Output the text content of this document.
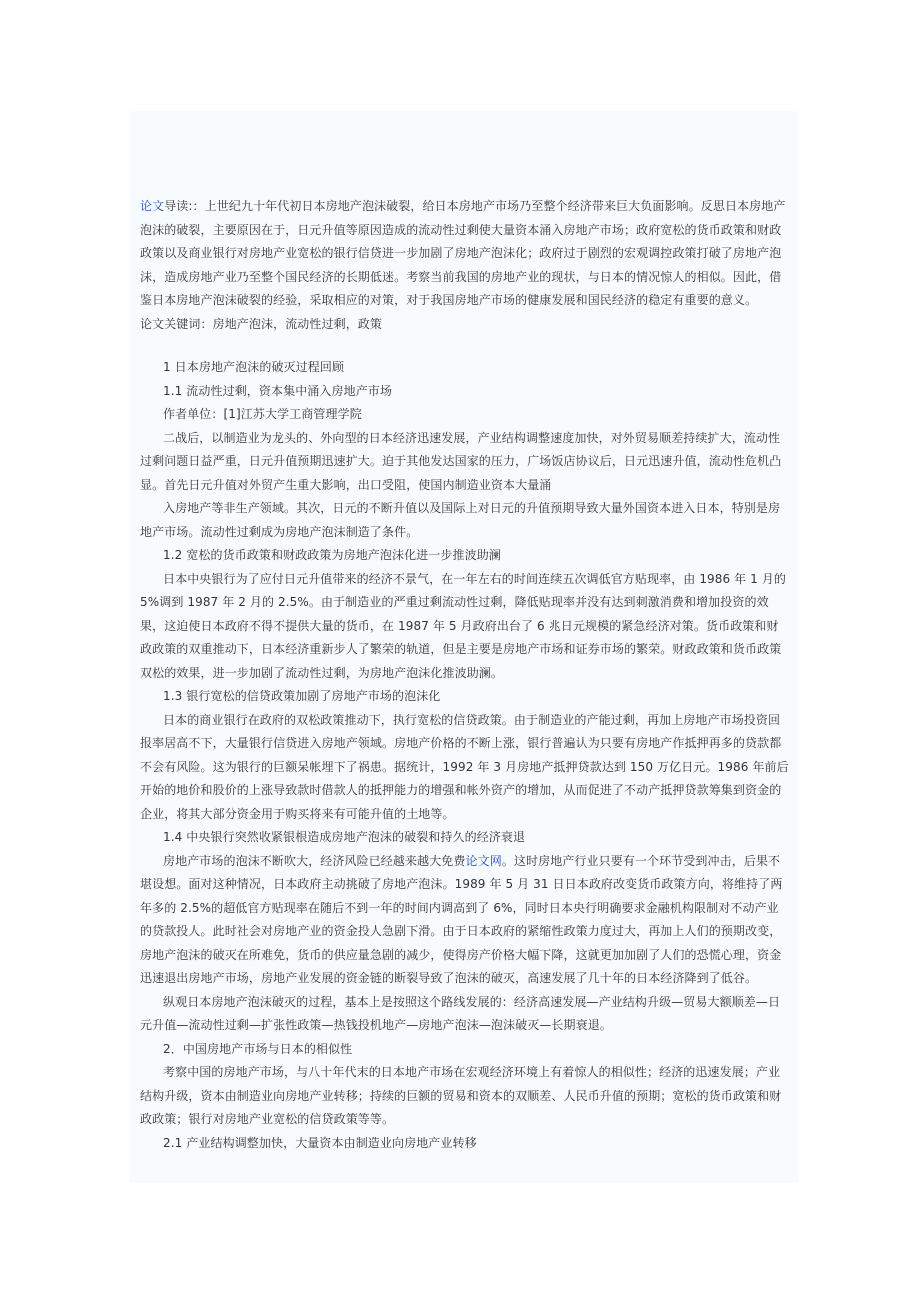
论文导读:：上世纪九十年代初日本房地产泡沫破裂，给日本房地产市场乃至整个经济带来巨大负面影响。反思日本房地产泡沫的破裂，主要原因在于，日元升值等原因造成的流动性过剩使大量资本涌入房地产市场；政府宽松的货币政策和财政政策以及商业银行对房地产业宽松的银行信贷进一步加剧了房地产泡沫化；政府过于剧烈的宏观调控政策打破了房地产泡沫，造成房地产业乃至整个国民经济的长期低迷。考察当前我国的房地产业的现状，与日本的情况惊人的相似。因此，借鉴日本房地产泡沫破裂的经验，采取相应的对策，对于我国房地产市场的健康发展和国民经济的稳定有重要的意义。

论文关键词：房地产泡沫，流动性过剩，政策

1 日本房地产泡沫的破灭过程回顾

1.1 流动性过剩，资本集中涌入房地产市场

作者单位：[1]江苏大学工商管理学院

二战后，以制造业为龙头的、外向型的日本经济迅速发展，产业结构调整速度加快，对外贸易顺差持续扩大，流动性过剩问题日益严重，日元升值预期迅速扩大。迫于其他发达国家的压力，广场饭店协议后，日元迅速升值，流动性危机凸显。首先日元升值对外贸产生重大影响，出口受阻，使国内制造业资本大量涌

入房地产等非生产领域。其次，日元的不断升值以及国际上对日元的升值预期导致大量外国资本进入日本，特别是房地产市场。流动性过剩成为房地产泡沫制造了条件。

1.2 宽松的货币政策和财政政策为房地产泡沫化进一步推波助澜

日本中央银行为了应付日元升值带来的经济不景气，在一年左右的时间连续五次调低官方贴现率，由 1986 年 1 月的 5%调到 1987 年 2 月的 2.5%。由于制造业的严重过剩流动性过剩，降低贴现率并没有达到刺激消费和增加投资的效果，这迫使日本政府不得不提供大量的货币，在 1987 年 5 月政府出台了 6 兆日元规模的紧急经济对策。货币政策和财政政策的双重推动下，日本经济重新步人了繁荣的轨道，但是主要是房地产市场和证券市场的繁荣。财政政策和货币政策双松的效果，进一步加剧了流动性过剩，为房地产泡沫化推波助澜。

1.3 银行宽松的信贷政策加剧了房地产市场的泡沫化

日本的商业银行在政府的双松政策推动下，执行宽松的信贷政策。由于制造业的产能过剩，再加上房地产市场投资回报率居高不下，大量银行信贷进入房地产领域。房地产价格的不断上涨，银行普遍认为只要有房地产作抵押再多的贷款都不会有风险。这为银行的巨额呆帐埋下了祸患。据统计，1992 年 3 月房地产抵押贷款达到 150 万亿日元。1986 年前后开始的地价和股价的上涨导致款时借款人的抵押能力的增强和帐外资产的增加，从而促进了不动产抵押贷款筹集到资金的企业，将其大部分资金用于购买将来有可能升值的土地等。

1.4 中央银行突然收紧银根造成房地产泡沫的破裂和持久的经济衰退

房地产市场的泡沫不断吹大，经济风险已经越来越大免费论文网。这时房地产行业只要有一个环节受到冲击，后果不堪设想。面对这种情况，日本政府主动挑破了房地产泡沫。1989 年 5 月 31 日日本政府改变货币政策方向，将维持了两年多的 2.5%的超低官方贴现率在随后不到一年的时间内调高到了 6%，同时日本央行明确要求金融机构限制对不动产业的贷款投人。此时社会对房地产业的资金投人急剧下滑。由于日本政府的紧缩性政策力度过大，再加上人们的预期改变，房地产泡沫的破灭在所难免，货币的供应量急剧的减少，使得房产价格大幅下降，这就更加加剧了人们的恐慌心理，资金迅速退出房地产市场，房地产业发展的资金链的断裂导致了泡沫的破灭，高速发展了几十年的日本经济降到了低谷。

纵观日本房地产泡沫破灭的过程，基本上是按照这个路线发展的：经济高速发展—产业结构升级—贸易大额顺差—日元升值—流动性过剩—扩张性政策—热钱投机地产—房地产泡沫—泡沫破灭—长期衰退。

2．中国房地产市场与日本的相似性

考察中国的房地产市场，与八十年代末的日本地产市场在宏观经济环境上有着惊人的相似性；经济的迅速发展；产业结构升级，资本由制造业向房地产业转移；持续的巨额的贸易和资本的双顺差、人民币升值的预期；宽松的货币政策和财政政策；银行对房地产业宽松的信贷政策等等。

2.1 产业结构调整加快，大量资本由制造业向房地产业转移
